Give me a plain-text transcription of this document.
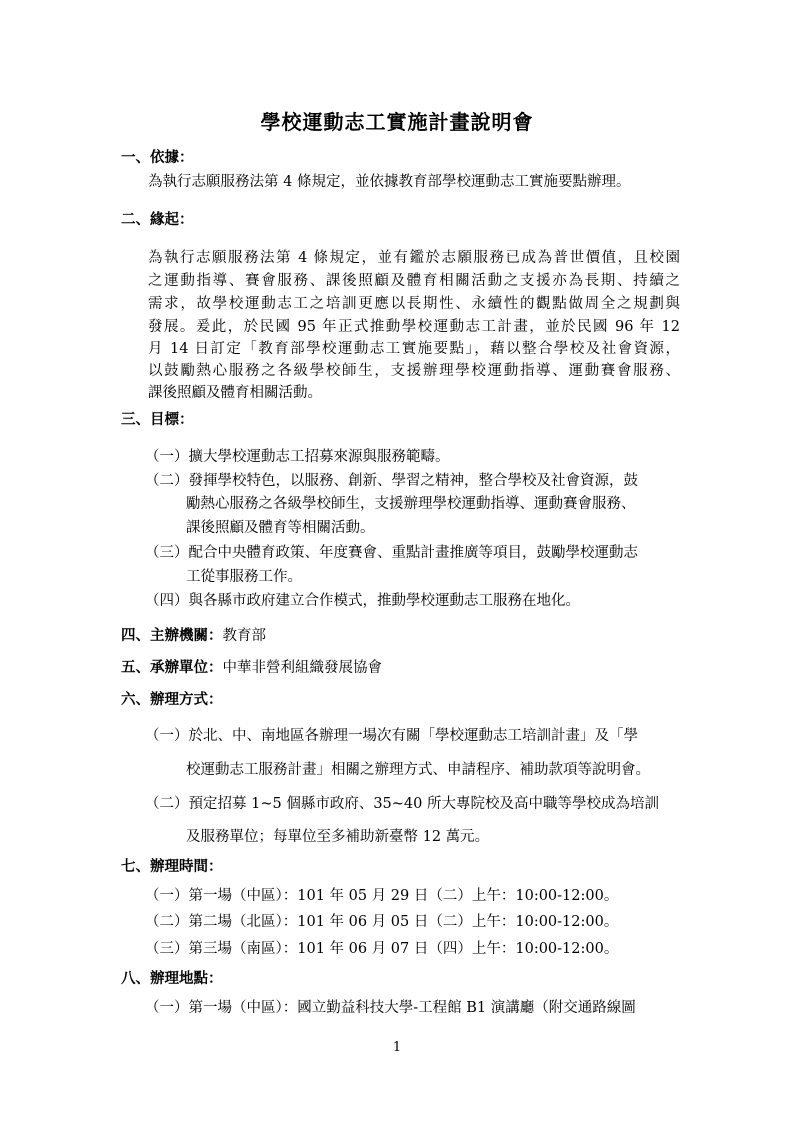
學校運動志工實施計畫說明會
一、依據：
為執行志願服務法第 4 條規定，並依據教育部學校運動志工實施要點辦理。
二、緣起：
為執行志願服務法第 4 條規定，並有鑑於志願服務已成為普世價值，且校園
之運動指導、賽會服務、課後照顧及體育相關活動之支援亦為長期、持續之
需求，故學校運動志工之培訓更應以長期性、永續性的觀點做周全之規劃與
發展。爰此，於民國 95 年正式推動學校運動志工計畫，並於民國 96 年 12
月 14 日訂定「教育部學校運動志工實施要點」，藉以整合學校及社會資源，
以鼓勵熱心服務之各級學校師生，支援辦理學校運動指導、運動賽會服務、
課後照顧及體育相關活動。
三、目標：
（一）擴大學校運動志工招募來源與服務範疇。
（二）發揮學校特色，以服務、創新、學習之精神，整合學校及社會資源，鼓
勵熱心服務之各級學校師生，支援辦理學校運動指導、運動賽會服務、
課後照顧及體育等相關活動。
（三）配合中央體育政策、年度賽會、重點計畫推廣等項目，鼓勵學校運動志
工從事服務工作。
（四）與各縣市政府建立合作模式，推動學校運動志工服務在地化。
四、主辦機關：教育部
五、承辦單位：中華非營利組織發展協會
六、辦理方式：
（一）於北、中、南地區各辦理一場次有關「學校運動志工培訓計畫」及「學
校運動志工服務計畫」相關之辦理方式、申請程序、補助款項等說明會。
（二）預定招募 1~5 個縣市政府、35~40 所大專院校及高中職等學校成為培訓
及服務單位；每單位至多補助新臺幣 12 萬元。
七、辦理時間：
（一）第一場（中區）：101 年 05 月 29 日（二）上午：10:00-12:00。
（二）第二場（北區）：101 年 06 月 05 日（二）上午：10:00-12:00。
（三）第三場（南區）：101 年 06 月 07 日（四）上午：10:00-12:00。
八、辦理地點：
（一）第一場（中區）：國立勤益科技大學-工程館 B1 演講廳（附交通路線圖
1
